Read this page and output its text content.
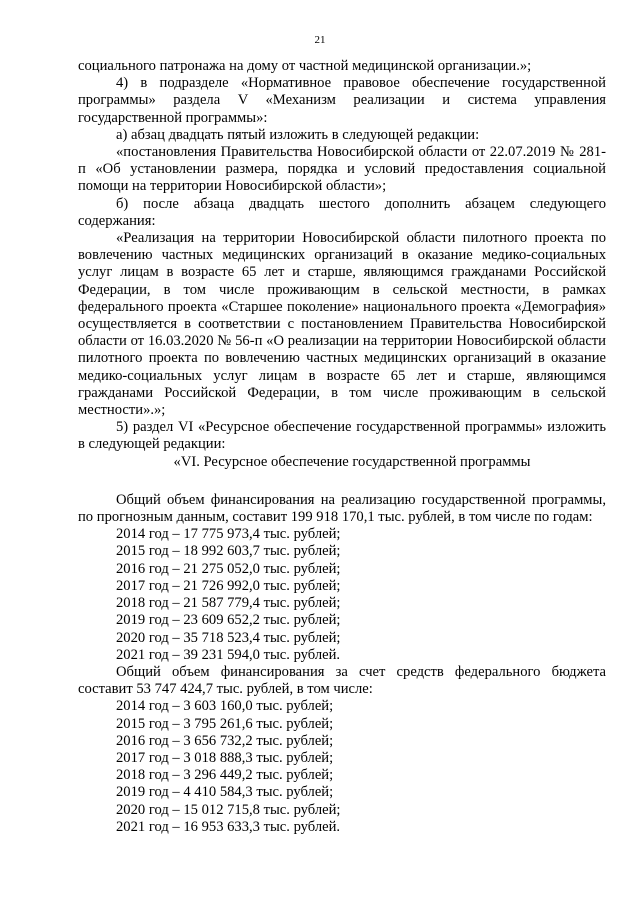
21

социального патронажа на дому от частной медицинской организации.»;

4) в подразделе «Нормативное правовое обеспечение государственной программы» раздела V «Механизм реализации и система управления государственной программы»:

а) абзац двадцать пятый изложить в следующей редакции:

«постановления Правительства Новосибирской области от 22.07.2019 № 281-п «Об установлении размера, порядка и условий предоставления социальной помощи на территории Новосибирской области»;

б) после абзаца двадцать шестого дополнить абзацем следующего содержания:

«Реализация на территории Новосибирской области пилотного проекта по вовлечению частных медицинских организаций в оказание медико-социальных услуг лицам в возрасте 65 лет и старше, являющимся гражданами Российской Федерации, в том числе проживающим в сельской местности, в рамках федерального проекта «Старшее поколение» национального проекта «Демография» осуществляется в соответствии с постановлением Правительства Новосибирской области от 16.03.2020 № 56-п «О реализации на территории Новосибирской области пилотного проекта по вовлечению частных медицинских организаций в оказание медико-социальных услуг лицам в возрасте 65 лет и старше, являющимся гражданами Российской Федерации, в том числе проживающим в сельской местности».»;

5) раздел VI «Ресурсное обеспечение государственной программы» изложить в следующей редакции:

«VI. Ресурсное обеспечение государственной программы

Общий объем финансирования на реализацию государственной программы, по прогнозным данным, составит 199 918 170,1 тыс. рублей, в том числе по годам:

2014 год – 17 775 973,4 тыс. рублей;
2015 год – 18 992 603,7 тыс. рублей;
2016 год – 21 275 052,0 тыс. рублей;
2017 год – 21 726 992,0 тыс. рублей;
2018 год – 21 587 779,4 тыс. рублей;
2019 год – 23 609 652,2 тыс. рублей;
2020 год – 35 718 523,4 тыс. рублей;
2021 год – 39 231 594,0 тыс. рублей.

Общий объем финансирования за счет средств федерального бюджета составит 53 747 424,7 тыс. рублей, в том числе:

2014 год – 3 603 160,0 тыс. рублей;
2015 год – 3 795 261,6 тыс. рублей;
2016 год – 3 656 732,2 тыс. рублей;
2017 год – 3 018 888,3 тыс. рублей;
2018 год – 3 296 449,2 тыс. рублей;
2019 год – 4 410 584,3 тыс. рублей;
2020 год – 15 012 715,8 тыс. рублей;
2021 год – 16 953 633,3 тыс. рублей.
